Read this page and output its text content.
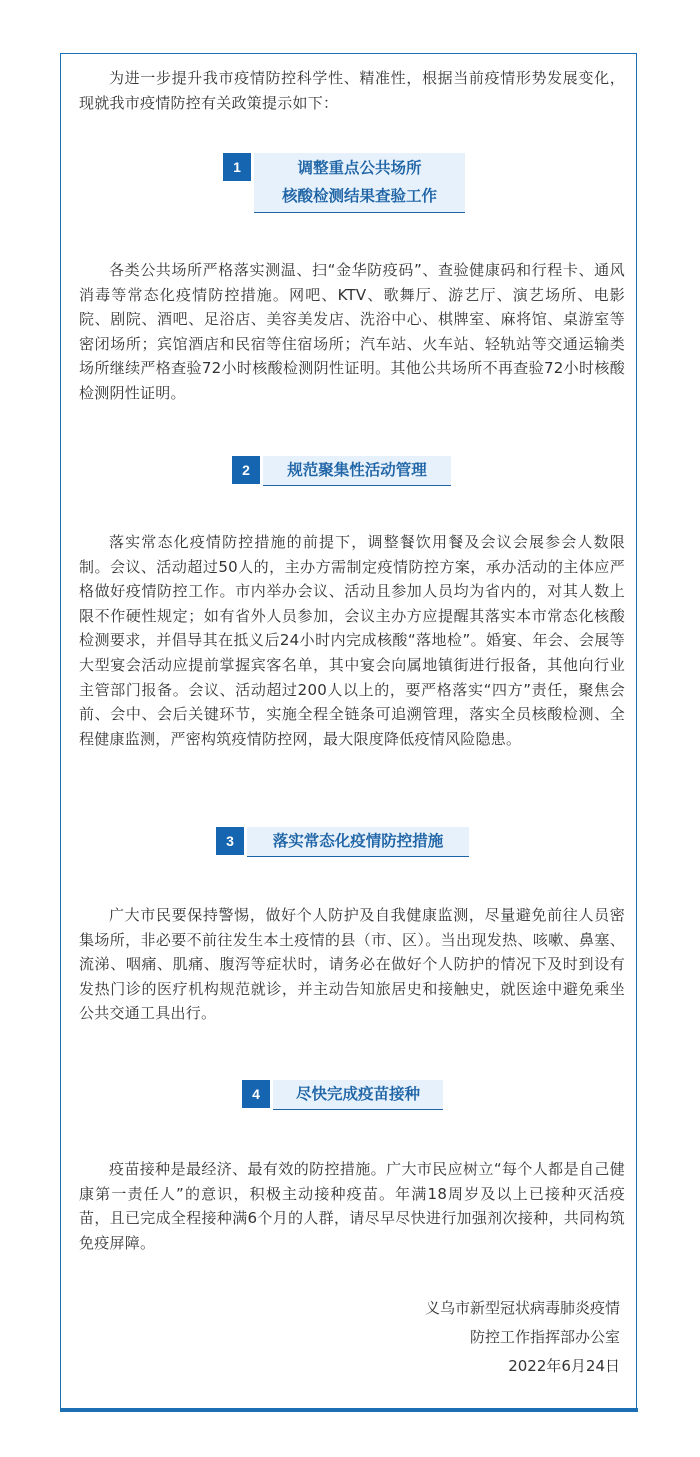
为进一步提升我市疫情防控科学性、精准性，根据当前疫情形势发展变化，现就我市疫情防控有关政策提示如下：

1	调整重点公共场所
核酸检测结果查验工作

各类公共场所严格落实测温、扫“金华防疫码”、查验健康码和行程卡、通风消毒等常态化疫情防控措施。网吧、KTV、歌舞厅、游艺厅、演艺场所、电影院、剧院、酒吧、足浴店、美容美发店、洗浴中心、棋牌室、麻将馆、桌游室等密闭场所；宾馆酒店和民宿等住宿场所；汽车站、火车站、轻轨站等交通运输类场所继续严格查验72小时核酸检测阴性证明。其他公共场所不再查验72小时核酸检测阴性证明。

2	规范聚集性活动管理

落实常态化疫情防控措施的前提下，调整餐饮用餐及会议会展参会人数限制。会议、活动超过50人的，主办方需制定疫情防控方案，承办活动的主体应严格做好疫情防控工作。市内举办会议、活动且参加人员均为省内的，对其人数上限不作硬性规定；如有省外人员参加，会议主办方应提醒其落实本市常态化核酸检测要求，并倡导其在抵义后24小时内完成核酸“落地检”。婚宴、年会、会展等大型宴会活动应提前掌握宾客名单，其中宴会向属地镇街进行报备，其他向行业主管部门报备。会议、活动超过200人以上的，要严格落实“四方”责任，聚焦会前、会中、会后关键环节，实施全程全链条可追溯管理，落实全员核酸检测、全程健康监测，严密构筑疫情防控网，最大限度降低疫情风险隐患。

3	落实常态化疫情防控措施

广大市民要保持警惕，做好个人防护及自我健康监测，尽量避免前往人员密集场所，非必要不前往发生本土疫情的县（市、区）。当出现发热、咳嗽、鼻塞、流涕、咽痛、肌痛、腹泻等症状时，请务必在做好个人防护的情况下及时到设有发热门诊的医疗机构规范就诊，并主动告知旅居史和接触史，就医途中避免乘坐公共交通工具出行。

4	尽快完成疫苗接种

疫苗接种是最经济、最有效的防控措施。广大市民应树立“每个人都是自己健康第一责任人”的意识，积极主动接种疫苗。年满18周岁及以上已接种灭活疫苗，且已完成全程接种满6个月的人群，请尽早尽快进行加强剂次接种，共同构筑免疫屏障。

义乌市新型冠状病毒肺炎疫情
防控工作指挥部办公室
2022年6月24日
